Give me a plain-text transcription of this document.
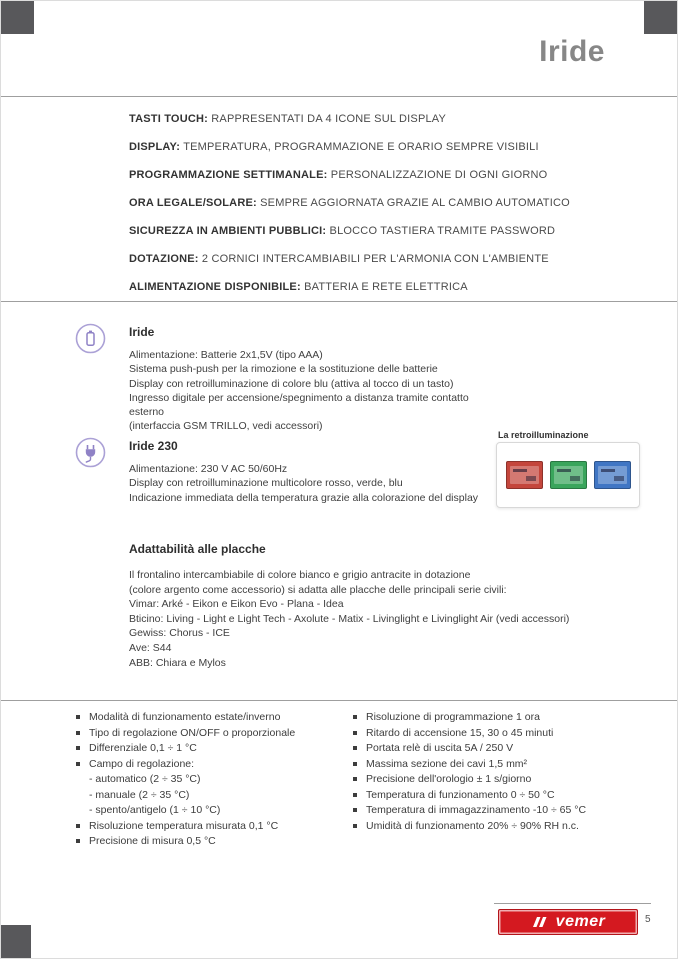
Iride

TASTI TOUCH: RAPPRESENTATI DA 4 ICONE SUL DISPLAY

DISPLAY: TEMPERATURA, PROGRAMMAZIONE E ORARIO SEMPRE VISIBILI

PROGRAMMAZIONE SETTIMANALE: PERSONALIZZAZIONE DI OGNI GIORNO

ORA LEGALE/SOLARE: SEMPRE AGGIORNATA GRAZIE AL CAMBIO AUTOMATICO

SICUREZZA IN AMBIENTI PUBBLICI: BLOCCO TASTIERA TRAMITE PASSWORD

DOTAZIONE: 2 CORNICI INTERCAMBIABILI PER L'ARMONIA CON L'AMBIENTE

ALIMENTAZIONE DISPONIBILE: BATTERIA E RETE ELETTRICA

Iride

Alimentazione: Batterie 2x1,5V (tipo AAA)

Sistema push-push per la rimozione e la sostituzione delle batterie

Display con retroilluminazione di colore blu (attiva al tocco di un tasto)

Ingresso digitale per accensione/spegnimento a distanza tramite contatto esterno

(interfaccia GSM TRILLO, vedi accessori)

Iride 230

Alimentazione: 230 V AC 50/60Hz

Display con retroilluminazione multicolore rosso, verde, blu

Indicazione immediata della temperatura grazie alla colorazione del display

La retroilluminazione
Adattabilità alle placche

Il frontalino intercambiabile di colore bianco e grigio antracite in dotazione

(colore argento come accessorio) si adatta alle placche delle principali serie civili:

Vimar: Arké - Eikon e Eikon Evo - Plana - Idea

Bticino: Living - Light e Light Tech - Axolute - Matix - Livinglight e Livinglight Air (vedi accessori)

Gewiss: Chorus - ICE

Ave: S44

ABB: Chiara e Mylos

Modalità di funzionamento estate/inverno
Tipo di regolazione ON/OFF o proporzionale
Differenziale 0,1 ÷ 1 °C
Campo di regolazione:
- automatico (2 ÷ 35 °C)
- manuale (2 ÷ 35 °C)
- spento/antigelo (1 ÷ 10 °C)
Risoluzione temperatura misurata 0,1 °C
Precisione di misura 0,5 °C
Risoluzione di programmazione 1 ora
Ritardo di accensione 15, 30 o 45 minuti
Portata relè di uscita 5A / 250 V
Massima sezione dei cavi 1,5 mm²
Precisione dell'orologio ± 1 s/giorno
Temperatura di funzionamento 0 ÷ 50 °C
Temperatura di immagazzinamento -10 ÷ 65 °C
Umidità di funzionamento 20% ÷ 90% RH n.c.
vemer	5
